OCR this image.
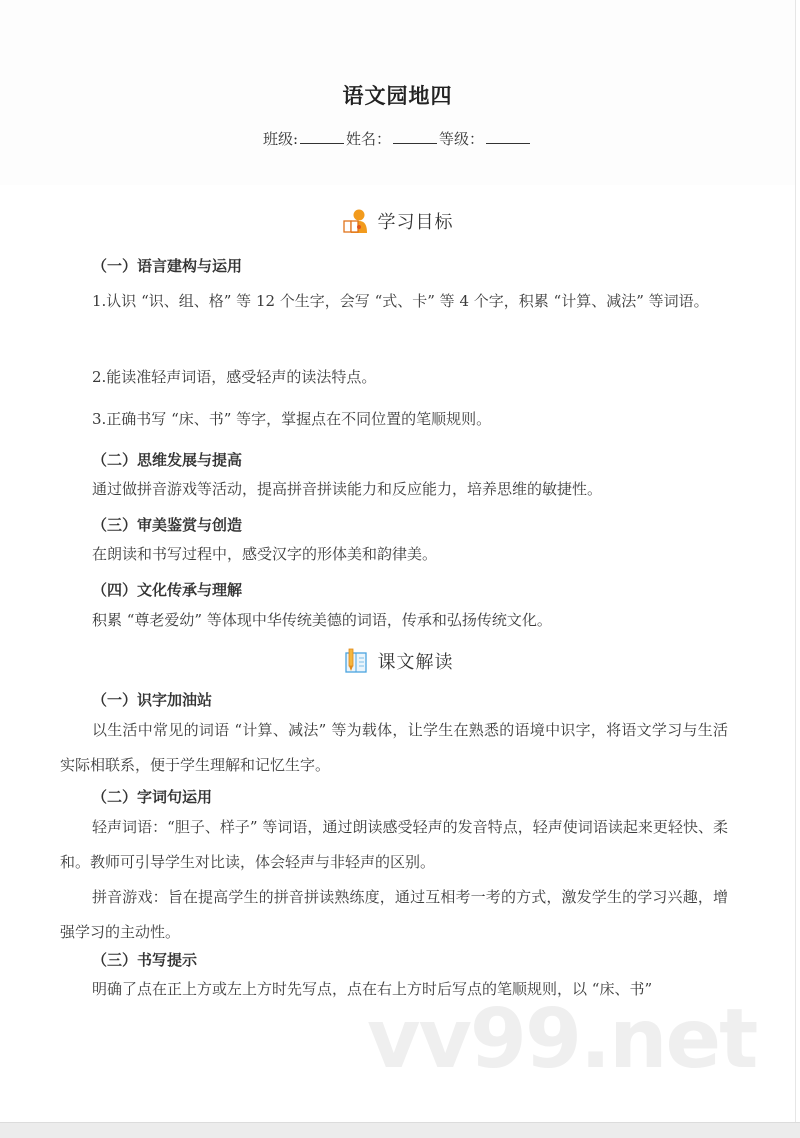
语文园地四
班级:	姓名：	等级：
学习目标
（一）语言建构与运用
1.认识 “识、组、格” 等 12 个生字，会写 “式、卡” 等 4 个字，积累 “计算、减法” 等词语。
2.能读准轻声词语，感受轻声的读法特点。
3.正确书写 “床、书” 等字，掌握点在不同位置的笔顺规则。
（二）思维发展与提高
通过做拼音游戏等活动，提高拼音拼读能力和反应能力，培养思维的敏捷性。
（三）审美鉴赏与创造
在朗读和书写过程中，感受汉字的形体美和韵律美。
（四）文化传承与理解
积累 “尊老爱幼” 等体现中华传统美德的词语，传承和弘扬传统文化。
课文解读
（一）识字加油站
以生活中常见的词语 “计算、减法” 等为载体，让学生在熟悉的语境中识字，将语文学习与生活实际相联系，便于学生理解和记忆生字。
（二）字词句运用
轻声词语：“胆子、样子” 等词语，通过朗读感受轻声的发音特点，轻声使词语读起来更轻快、柔和。教师可引导学生对比读，体会轻声与非轻声的区别。
拼音游戏：旨在提高学生的拼音拼读熟练度，通过互相考一考的方式，激发学生的学习兴趣，增强学习的主动性。
（三）书写提示
明确了点在正上方或左上方时先写点，点在右上方时后写点的笔顺规则，以 “床、书”
vv99.net
